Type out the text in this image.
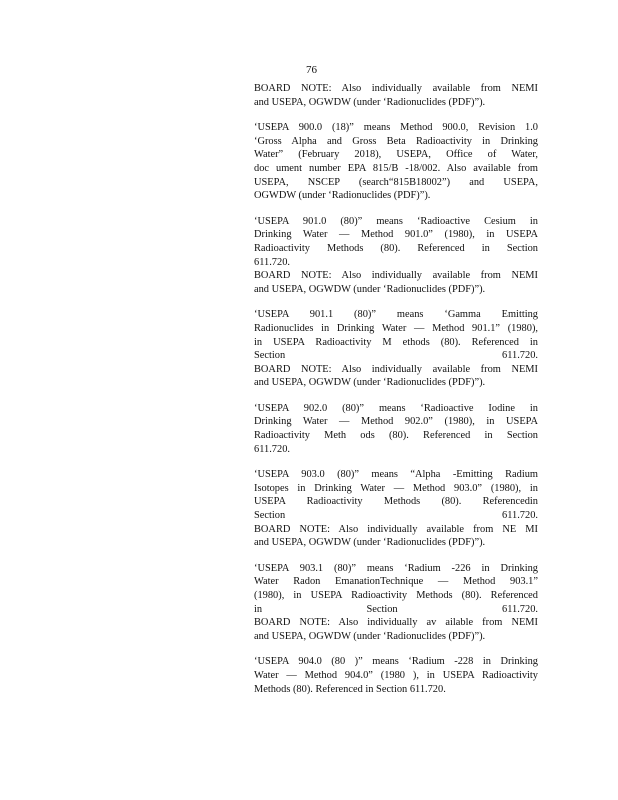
76
BOARD NOTE: Also individually available from NEMI
and USEPA, OGWDW (under ‘Radionuclides (PDF)”).
‘USEPA 900.0 (18)” means Method 900.0, Revision 1.0
‘Gross Alpha and Gross Beta Radioactivity in Drinking
Water” (February 2018), USEPA, Office of Water,
doc ument number EPA 815/B -18/002. Also available from
USEPA, NSCEP (search“815B18002”) and USEPA,
OGWDW (under ‘Radionuclides (PDF)”).
‘USEPA 901.0 (80)” means ‘Radioactive Cesium in
Drinking Water — Method 901.0” (1980), in USEPA
Radioactivity Methods (80). Referenced in Section
611.720.
BOARD NOTE: Also individually available from NEMI
and USEPA, OGWDW (under ‘Radionuclides (PDF)”).
‘USEPA 901.1 (80)” means ‘Gamma Emitting
Radionuclides in Drinking Water — Method 901.1” (1980),
in USEPA Radioactivity M ethods (80). Referenced in
Section 611.720.
BOARD NOTE: Also individually available from NEMI
and USEPA, OGWDW (under ‘Radionuclides (PDF)”).
‘USEPA 902.0 (80)” means ‘Radioactive Iodine in
Drinking Water — Method 902.0” (1980), in USEPA
Radioactivity Meth ods (80). Referenced in Section
611.720.
‘USEPA 903.0 (80)” means “Alpha -Emitting Radium
Isotopes in Drinking Water — Method 903.0” (1980), in
USEPA Radioactivity Methods (80). Referencedin
Section 611.720.
BOARD NOTE: Also individually available from NE MI
and USEPA, OGWDW (under ‘Radionuclides (PDF)”).
‘USEPA 903.1 (80)” means ‘Radium -226 in Drinking
Water Radon EmanationTechnique — Method 903.1”
(1980), in USEPA Radioactivity Methods (80). Referenced
in Section 611.720.
BOARD NOTE: Also individually av ailable from NEMI
and USEPA, OGWDW (under ‘Radionuclides (PDF)”).
‘USEPA 904.0 (80 )” means ‘Radium -228 in Drinking
Water — Method 904.0” (1980 ), in USEPA Radioactivity
Methods (80). Referenced in Section 611.720.
